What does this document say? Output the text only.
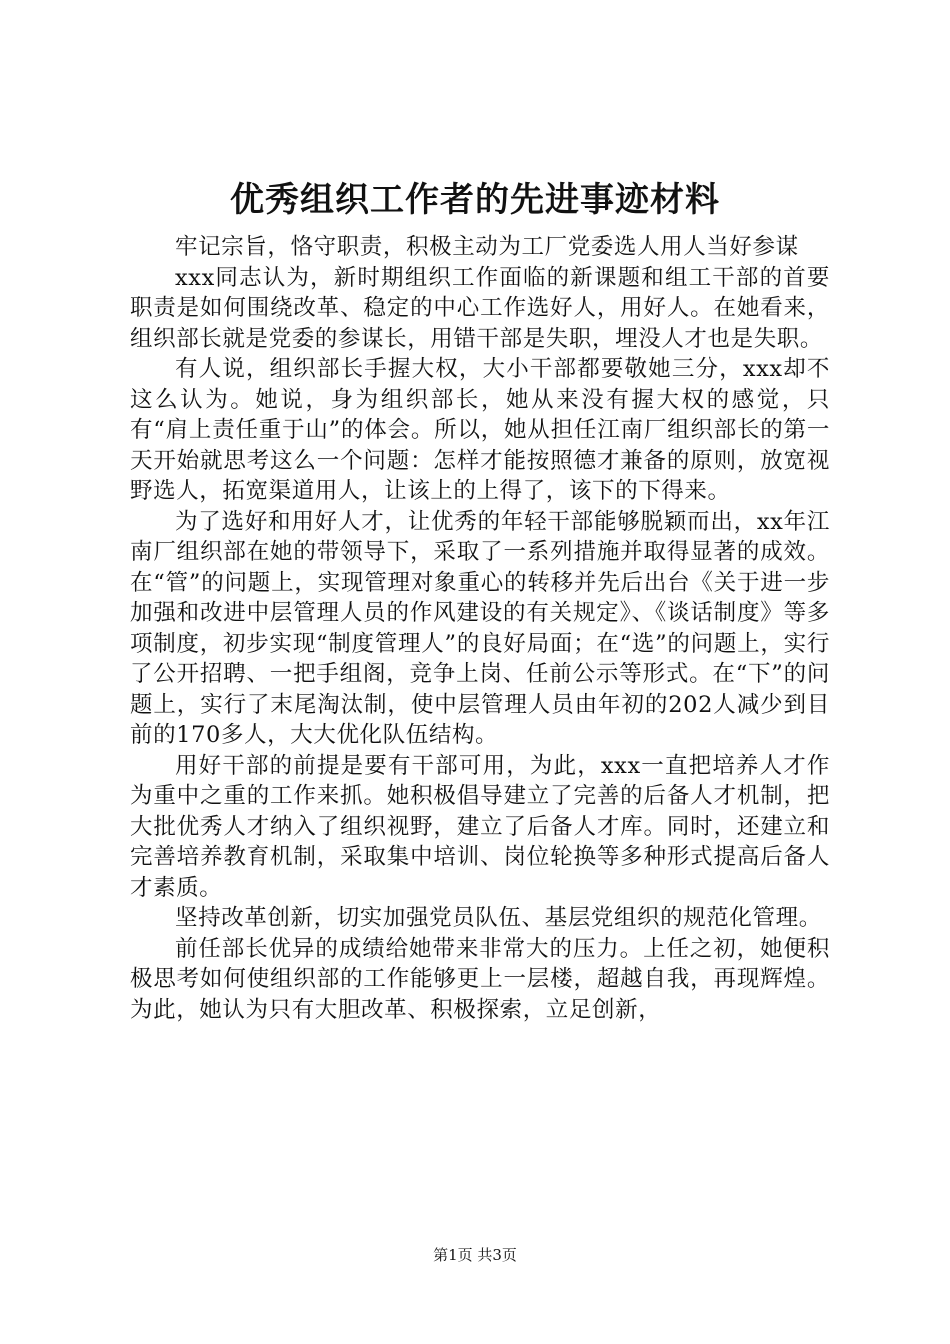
优秀组织工作者的先进事迹材料

牢记宗旨，恪守职责，积极主动为工厂党委选人用人当好参谋

xxx同志认为，新时期组织工作面临的新课题和组工干部的首要职责是如何围绕改革、稳定的中心工作选好人，用好人。在她看来，组织部长就是党委的参谋长，用错干部是失职，埋没人才也是失职。

有人说，组织部长手握大权，大小干部都要敬她三分，xxx却不这么认为。她说，身为组织部长，她从来没有握大权的感觉，只有“肩上责任重于山”的体会。所以，她从担任江南厂组织部长的第一天开始就思考这么一个问题：怎样才能按照德才兼备的原则，放宽视野选人，拓宽渠道用人，让该上的上得了，该下的下得来。

为了选好和用好人才，让优秀的年轻干部能够脱颖而出，xx年江南厂组织部在她的带领导下，采取了一系列措施并取得显著的成效。在“管”的问题上，实现管理对象重心的转移并先后出台《关于进一步加强和改进中层管理人员的作风建设的有关规定》、《谈话制度》等多项制度，初步实现“制度管理人”的良好局面；在“选”的问题上，实行了公开招聘、一把手组阁，竞争上岗、任前公示等形式。在“下”的问题上，实行了末尾淘汰制，使中层管理人员由年初的202人减少到目前的170多人，大大优化队伍结构。

用好干部的前提是要有干部可用，为此，xxx一直把培养人才作为重中之重的工作来抓。她积极倡导建立了完善的后备人才机制，把大批优秀人才纳入了组织视野，建立了后备人才库。同时，还建立和完善培养教育机制，采取集中培训、岗位轮换等多种形式提高后备人才素质。

坚持改革创新，切实加强党员队伍、基层党组织的规范化管理。

前任部长优异的成绩给她带来非常大的压力。上任之初，她便积极思考如何使组织部的工作能够更上一层楼，超越自我，再现辉煌。为此，她认为只有大胆改革、积极探索，立足创新，

第1页 共3页
